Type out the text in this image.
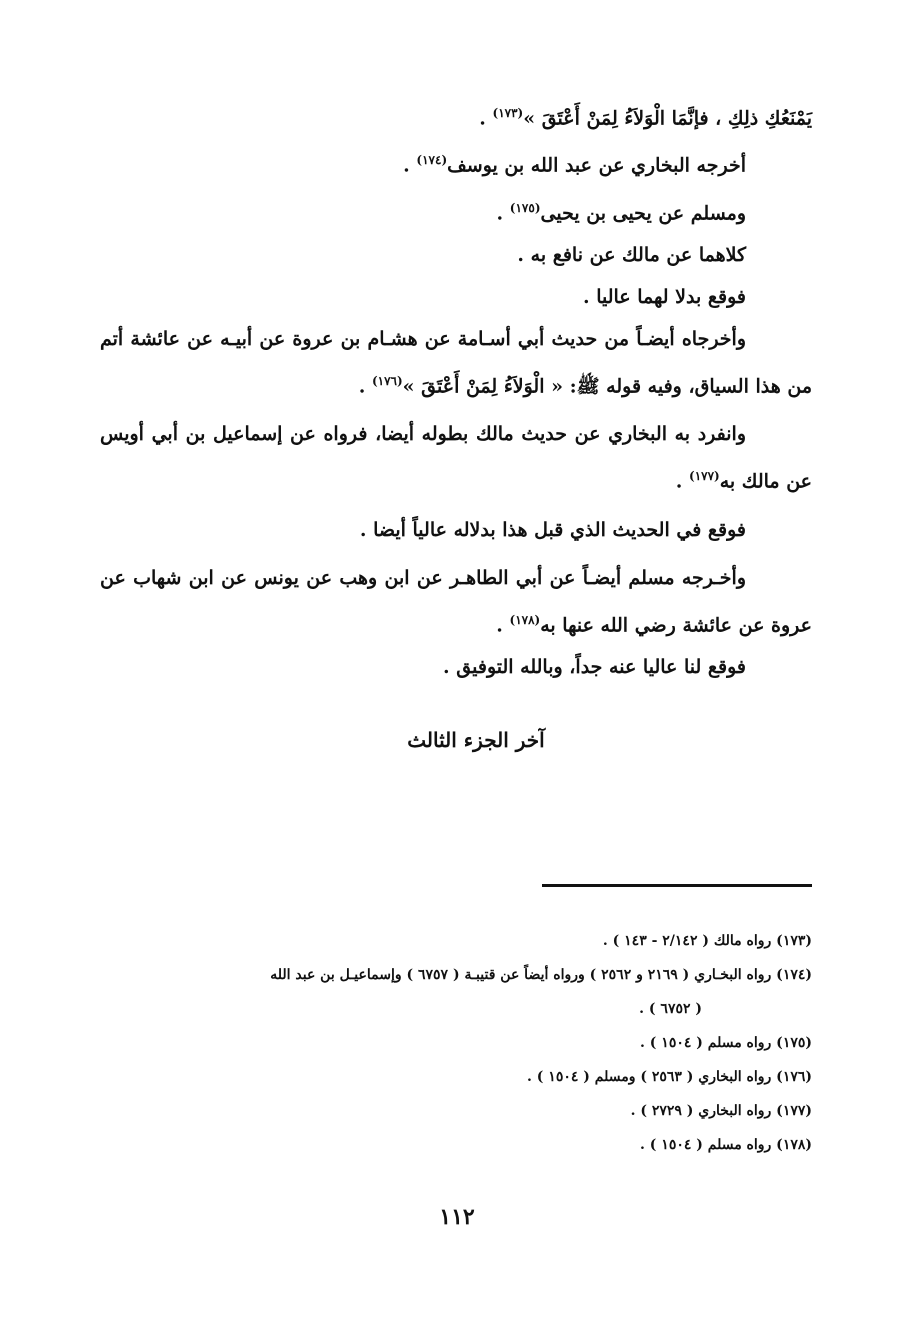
يَمْنَعُكِ ذلِكِ ، فإنَّمَا الْوَلاَءُ لِمَنْ أَعْتَقَ »$^{(١٧٣)}$ .

أخرجه البخاري عن عبد الله بن يوسف$^{(١٧٤)}$ .

ومسلم عن يحيى بن يحيى$^{(١٧٥)}$ .

كلاهما عن مالك عن نافع به .

فوقع بدلا لهما عاليا .

وأخرجاه أيضـاً من حديث أبي أسـامة عن هشـام بن عروة عن أبيـه عن عائشة أتم من هذا السياق، وفيه قوله ﷺ: « الْوَلاَءُ لِمَنْ أَعْتَقَ »$^{(١٧٦)}$ .

وانفرد به البخاري عن حديث مالك بطوله أيضا، فرواه عن إسماعيل بن أبي أويس عن مالك به$^{(١٧٧)}$ .

فوقع في الحديث الذي قبل هذا بدلاله عالياً أيضا .

وأخـرجه مسلم أيضـاً عن أبي الطاهـر عن ابن وهب عن يونس عن ابن شهاب عن عروة عن عائشة رضي الله عنها به$^{(١٧٨)}$ .

فوقع لنا عاليا عنه جداً، وبالله التوفيق .

آخر الجزء الثالث

(١٧٣) رواه مالك ( ٢/١٤٢ - ١٤٣ ) .

(١٧٤) رواه البخـاري ( ٢١٦٩ و ٢٥٦٢ ) ورواه أيضاً عن قتيبـة ( ٦٧٥٧ ) وإسماعيـل بن عبد الله
( ٦٧٥٢ ) .

(١٧٥) رواه مسلم ( ١٥٠٤ ) .

(١٧٦) رواه البخاري ( ٢٥٦٣ ) ومسلم ( ١٥٠٤ ) .

(١٧٧) رواه البخاري ( ٢٧٢٩ ) .

(١٧٨) رواه مسلم ( ١٥٠٤ ) .

١١٢
